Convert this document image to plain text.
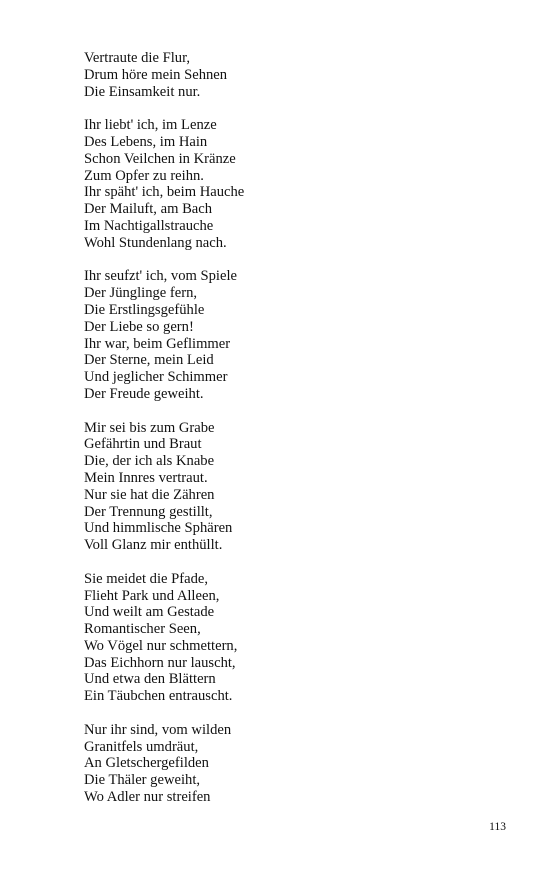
Vertraute die Flur,
Drum höre mein Sehnen
Die Einsamkeit nur.
Ihr liebt' ich, im Lenze
Des Lebens, im Hain
Schon Veilchen in Kränze
Zum Opfer zu reihn.
Ihr späht' ich, beim Hauche
Der Mailuft, am Bach
Im Nachtigallstrauche
Wohl Stundenlang nach.
Ihr seufzt' ich, vom Spiele
Der Jünglinge fern,
Die Erstlingsgefühle
Der Liebe so gern!
Ihr war, beim Geflimmer
Der Sterne, mein Leid
Und jeglicher Schimmer
Der Freude geweiht.
Mir sei bis zum Grabe
Gefährtin und Braut
Die, der ich als Knabe
Mein Innres vertraut.
Nur sie hat die Zähren
Der Trennung gestillt,
Und himmlische Sphären
Voll Glanz mir enthüllt.
Sie meidet die Pfade,
Flieht Park und Alleen,
Und weilt am Gestade
Romantischer Seen,
Wo Vögel nur schmettern,
Das Eichhorn nur lauscht,
Und etwa den Blättern
Ein Täubchen entrauscht.
Nur ihr sind, vom wilden
Granitfels umdräut,
An Gletschergefilden
Die Thäler geweiht,
Wo Adler nur streifen
113
